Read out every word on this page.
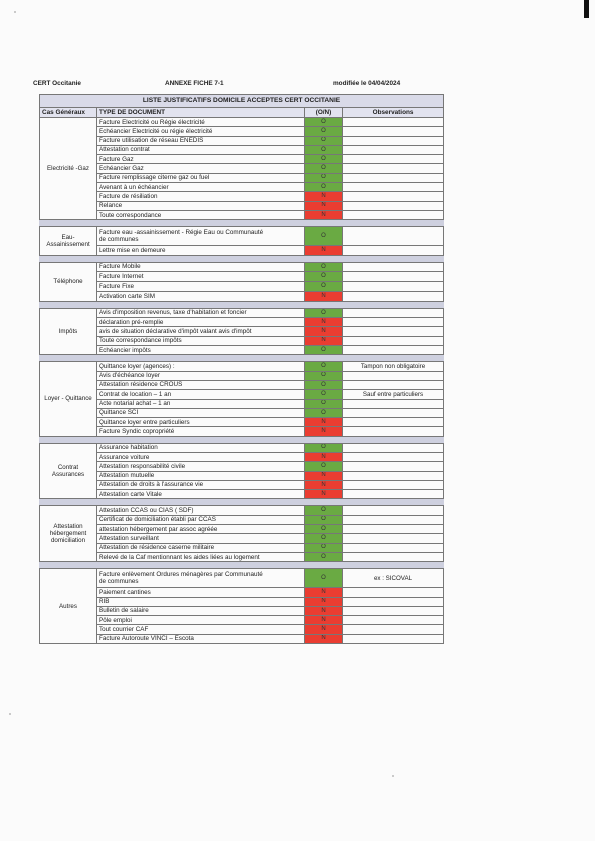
CERT Occitanie	ANNEXE FICHE 7-1	modifiée le 04/04/2024
LISTE JUSTIFICATIFS DOMICILE ACCEPTES CERT OCCITANIE			
Cas Généraux	TYPE DE DOCUMENT	(O/N)	Observations
Electricité -Gaz	Facture Electricité ou Régie électricité	O	

	Echéancier Electricité ou régie électricité	O	

	Facture utilisation de réseau ENEDIS	O	

	Attestation contrat	O	

	Facture Gaz	O	

	Echéancier Gaz	O	

	Facture remplissage citerne gaz ou fuel	O	

	Avenant à un échéancier	O	

	Facture de résiliation	N	

	Relance	N	

	Toute correspondance	N	

Eau-Assainissement	Facture eau -assainissement - Régie Eau ou Communauté
de communes	O	

	Lettre mise en demeure	N	

Téléphone	Facture Mobile	O	

	Facture Internet	O	

	Facture Fixe	O	

	Activation carte SIM	N	

Impôts	Avis d'imposition revenus, taxe d'habitation et foncier	O	

	déclaration pré-remplie	N	

	avis de situation déclarative d'impôt valant avis d'impôt	N	

	Toute correspondance impôts	N	

	Echéancier impôts	O	

Loyer - Quittance	Quittance loyer (agences) :	O	Tampon non obligatoire

	Avis d'échéance loyer	O	

	Attestation résidence CROUS	O	

	Contrat de location – 1 an	O	Sauf entre particuliers

	Acte notarial achat – 1 an	O	

	Quittance SCI	O	

	Quittance loyer entre particuliers	N	

	Facture Syndic copropriété	N	

Contrat Assurances	Assurance habitation	O	

	Assurance voiture	N	

	Attestation responsabilité civile	O	

	Attestation mutuelle	N	

	Attestation de droits à l'assurance vie	N	

	Attestation carte Vitale	N	

Attestation hébergement domiciliation	Attestation CCAS ou CIAS ( SDF)	O	

	Certificat de domiciliation établi par CCAS	O	

	attestation hébergement par assoc agréée	O	

	Attestation surveillant	O	

	Attestation de résidence caserne militaire	O	

	Relevé de la Caf mentionnant les aides liées au logement	O	

Autres	Facture enlèvement Ordures ménagères par Communauté
de communes	O	ex : SICOVAL

	Paiement cantines	N	

	RIB	N	

	Bulletin de salaire	N	

	Pôle emploi	N	

	Tout courrier CAF	N	

	Facture Autoroute VINCI – Escota	N	
